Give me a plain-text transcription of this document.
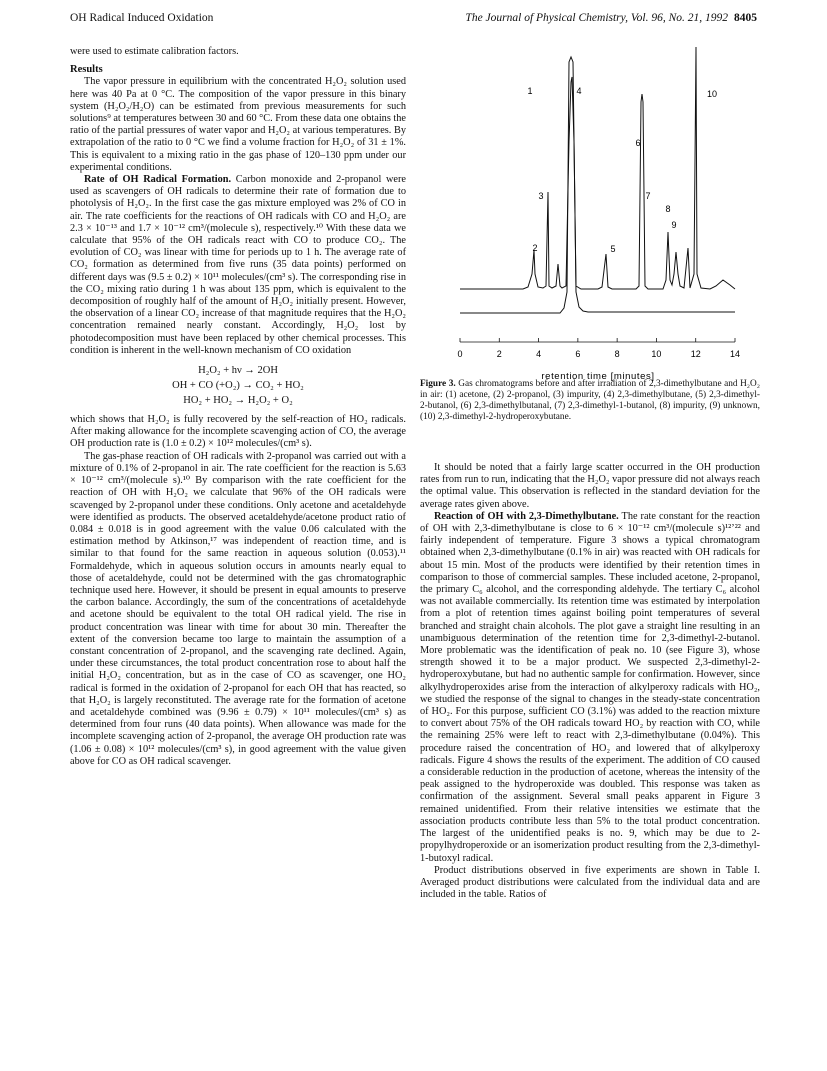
OH Radical Induced Oxidation	The Journal of Physical Chemistry, Vol. 96, No. 21, 1992 8405

were used to estimate calibration factors.

Results

The vapor pressure in equilibrium with the concentrated H₂O₂ solution used here was 40 Pa at 0 °C. The composition of the vapor pressure in this binary system (H₂O₂/H₂O) can be estimated from previous measurements for such solutions⁹ at temperatures between 30 and 60 °C. From these data one obtains the ratio of the partial pressures of water vapor and H₂O₂ at various temperatures. By extrapolation of the ratio to 0 °C we find a volume fraction for H₂O₂ of 31 ± 1%. This is equivalent to a mixing ratio in the gas phase of 120–130 ppm under our experimental conditions.

Rate of OH Radical Formation. Carbon monoxide and 2-propanol were used as scavengers of OH radicals to determine their rate of formation due to photolysis of H₂O₂. In the first case the gas mixture employed was 2% of CO in air. The rate coefficients for the reactions of OH radicals with CO and H₂O₂ are 2.3 × 10⁻¹³ and 1.7 × 10⁻¹² cm³/(molecule s), respectively.¹⁰ With these data we calculate that 95% of the OH radicals react with CO to produce CO₂. The evolution of CO₂ was linear with time for periods up to 1 h. The average rate of CO₂ formation as determined from five runs (35 data points) performed on different days was (9.5 ± 0.2) × 10¹¹ molecules/(cm³ s). The corresponding rise in the CO₂ mixing ratio during 1 h was about 135 ppm, which is equivalent to the decomposition of roughly half of the amount of H₂O₂ initially present. However, the observation of a linear CO₂ increase of that magnitude requires that the H₂O₂ concentration remained nearly constant. Accordingly, H₂O₂ lost by photodecomposition must have been replaced by other chemical processes. This condition is inherent in the well-known mechanism of CO oxidation

H₂O₂ + hν → 2OH
OH + CO (+O₂) → CO₂ + HO₂
HO₂ + HO₂ → H₂O₂ + O₂

which shows that H₂O₂ is fully recovered by the self-reaction of HO₂ radicals. After making allowance for the incomplete scavenging action of CO, the average OH production rate is (1.0 ± 0.2) × 10¹² molecules/(cm³ s).

The gas-phase reaction of OH radicals with 2-propanol was carried out with a mixture of 0.1% of 2-propanol in air. The rate coefficient for the reaction is 5.63 × 10⁻¹² cm³/(molecule s).¹⁰ By comparison with the rate coefficient for the reaction of OH with H₂O₂ we calculate that 96% of the OH radicals were scavenged by 2-propanol under these conditions. Only acetone and acetaldehyde were identified as products. The observed acetaldehyde/acetone product ratio of 0.084 ± 0.018 is in good agreement with the value 0.06 calculated with the estimation method by Atkinson,¹⁷ was independent of reaction time, and is similar to that found for the same reaction in aqueous solution (0.053).¹¹ Formaldehyde, which in aqueous solution occurs in amounts nearly equal to those of acetaldehyde, could not be determined with the gas chromatographic technique used here. However, it should be present in equal amounts to preserve the carbon balance. Accordingly, the sum of the concentrations of acetaldehyde and acetone should be equivalent to the total OH radical yield. The rise in product concentration was linear with time for about 30 min. Thereafter the extent of the conversion became too large to maintain the assumption of a constant concentration of 2-propanol, and the scavenging rate declined. Again, under these circumstances, the total product concentration rose to about half the initial H₂O₂ concentration, but as in the case of CO as scavenger, one HO₂ radical is formed in the oxidation of 2-propanol for each OH that has reacted, so that H₂O₂ is largely reconstituted. The average rate for the formation of acetone and acetaldehyde combined was (9.96 ± 0.79) × 10¹¹ molecules/(cm³ s) as determined from four runs (40 data points). When allowance was made for the incomplete scavenging action of 2-propanol, the average OH production rate was (1.06 ± 0.08) × 10¹² molecules/(cm³ s), in good agreement with the value given above for CO as OH radical scavenger.

0	2	4	6	8	10	12	14
retention time [minutes]
1
2
3
4
5
6
7
8
9
10
Figure 3. Gas chromatograms before and after irradiation of 2,3-dimethylbutane and H₂O₂ in air: (1) acetone, (2) 2-propanol, (3) impurity, (4) 2,3-dimethylbutane, (5) 2,3-dimethyl-2-butanol, (6) 2,3-dimethylbutanal, (7) 2,3-dimethyl-1-butanol, (8) impurity, (9) unknown, (10) 2,3-dimethyl-2-hydroperoxybutane.

It should be noted that a fairly large scatter occurred in the OH production rates from run to run, indicating that the H₂O₂ vapor pressure did not always reach the optimal value. This observation is reflected in the standard deviation for the average rates given above.

Reaction of OH with 2,3-Dimethylbutane. The rate constant for the reaction of OH with 2,3-dimethylbutane is close to 6 × 10⁻¹² cm³/(molecule s)¹²ʼ²² and fairly independent of temperature. Figure 3 shows a typical chromatogram obtained when 2,3-dimethylbutane (0.1% in air) was reacted with OH radicals for about 15 min. Most of the products were identified by their retention times in comparison to those of commercial samples. These included acetone, 2-propanol, the primary C₆ alcohol, and the corresponding aldehyde. The tertiary C₆ alcohol was not available commercially. Its retention time was estimated by interpolation from a plot of retention times against boiling point temperatures of several branched and straight chain alcohols. The plot gave a straight line resulting in an unambiguous determination of the retention time for 2,3-dimethyl-2-butanol. More problematic was the identification of peak no. 10 (see Figure 3), whose strength showed it to be a major product. We suspected 2,3-dimethyl-2-hydroperoxybutane, but had no authentic sample for confirmation. However, since alkylhydroperoxides arise from the interaction of alkylperoxy radicals with HO₂, we studied the response of the signal to changes in the steady-state concentration of HO₂. For this purpose, sufficient CO (3.1%) was added to the reaction mixture to convert about 75% of the OH radicals toward HO₂ by reaction with CO, while the remaining 25% were left to react with 2,3-dimethylbutane (0.04%). This procedure raised the concentration of HO₂ and lowered that of alkylperoxy radicals. Figure 4 shows the results of the experiment. The addition of CO caused a considerable reduction in the production of acetone, whereas the intensity of the peak assigned to the hydroperoxide was doubled. This response was taken as confirmation of the assignment. Several small peaks apparent in Figure 3 remained unidentified. From their relative intensities we estimate that the association products contribute less than 5% to the total product concentration. The largest of the unidentified peaks is no. 9, which may be due to 2-propylhydroperoxide or an isomerization product resulting from the 2,3-dimethyl-1-butoxyl radical.

Product distributions observed in five experiments are shown in Table I. Averaged product distributions were calculated from the individual data and are included in the table. Ratios of
